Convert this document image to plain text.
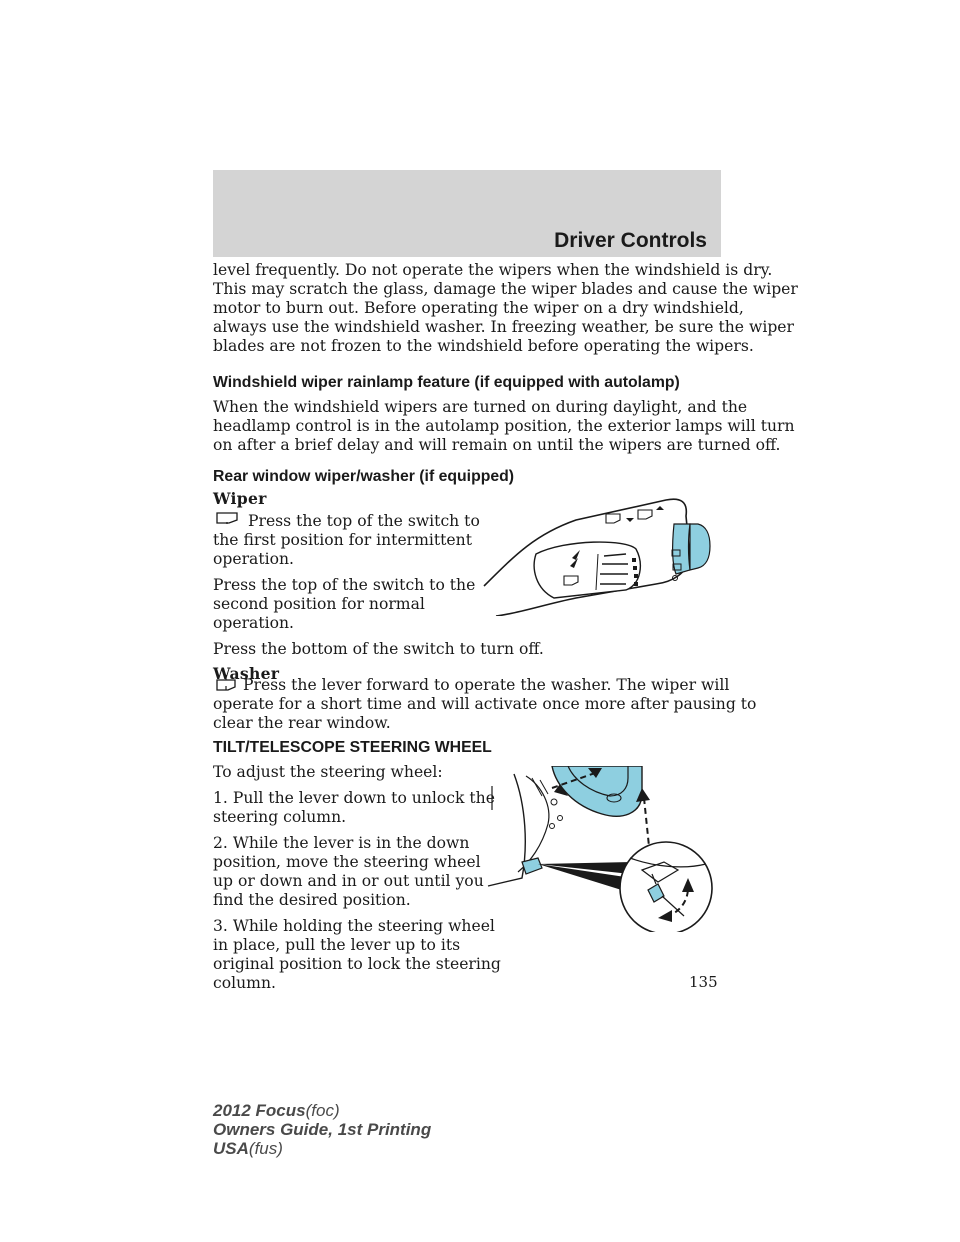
Driver Controls
level frequently. Do not operate the wipers when the windshield is dry.
This may scratch the glass, damage the wiper blades and cause the wiper
motor to burn out. Before operating the wiper on a dry windshield,
always use the windshield washer. In freezing weather, be sure the wiper
blades are not frozen to the windshield before operating the wipers.
Windshield wiper rainlamp feature (if equipped with autolamp)
When the windshield wipers are turned on during daylight, and the
headlamp control is in the autolamp position, the exterior lamps will turn
on after a brief delay and will remain on until the wipers are turned off.
Rear window wiper/washer (if equipped)
Wiper
Press the top of the switch to
the first position for intermittent
operation.
Press the top of the switch to the
second position for normal
operation.
Press the bottom of the switch to turn off.
Washer
Press the lever forward to operate the washer. The wiper will
operate for a short time and will activate once more after pausing to
clear the rear window.
TILT/TELESCOPE STEERING WHEEL
To adjust the steering wheel:
1. Pull the lever down to unlock the
steering column.
2. While the lever is in the down
position, move the steering wheel
up or down and in or out until you
find the desired position.
3. While holding the steering wheel
in place, pull the lever up to its
original position to lock the steering
column.	135
2012 Focus(foc)
Owners Guide, 1st Printing
USA(fus)
